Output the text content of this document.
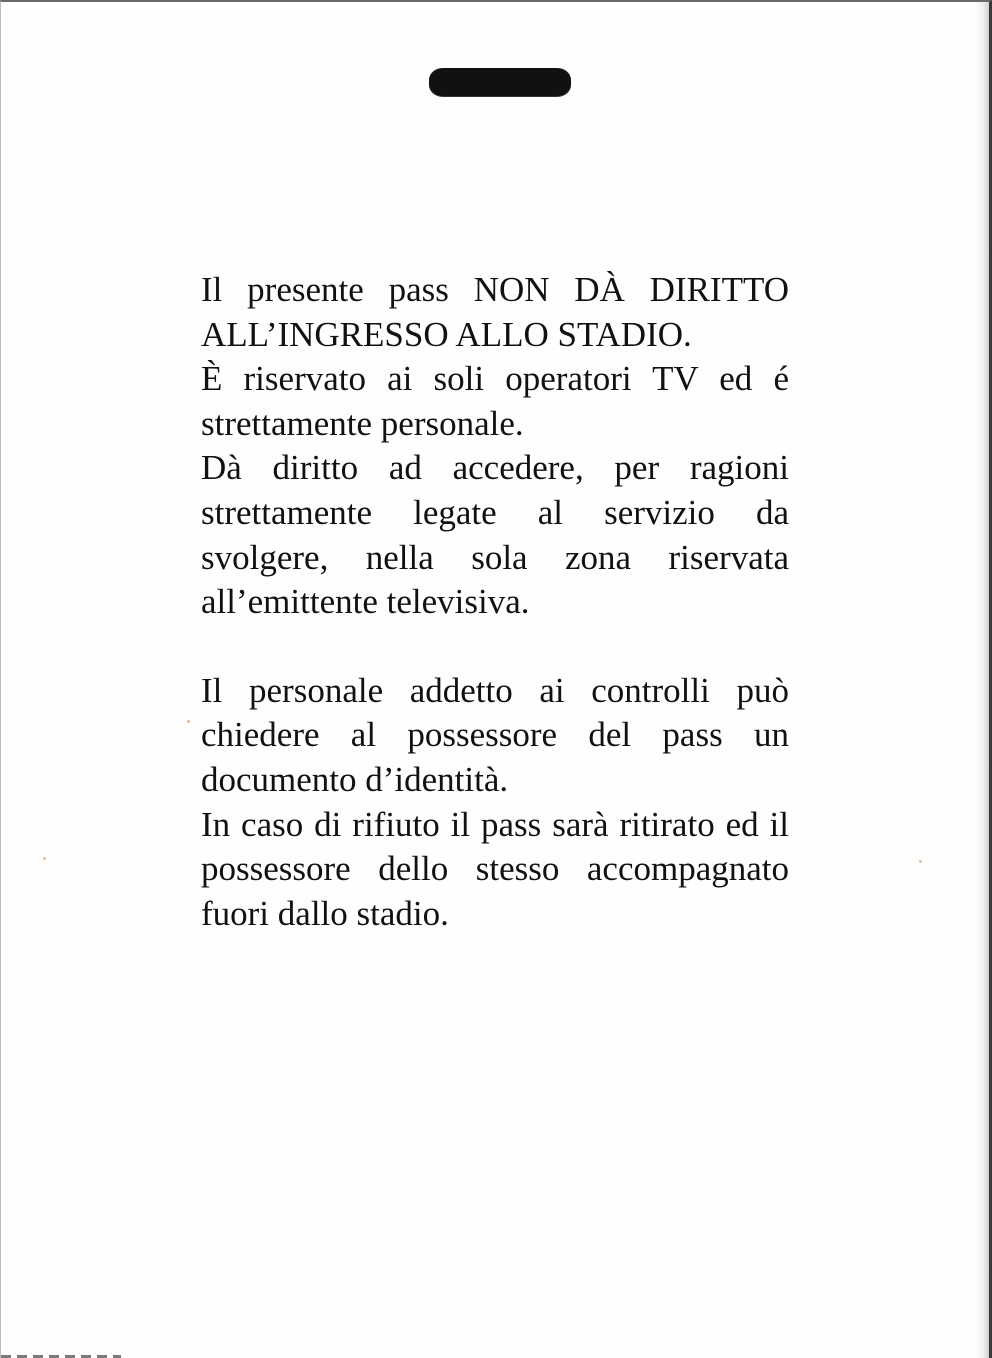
Il presente pass NON DÀ DIRITTO ALL’INGRESSO ALLO STADIO.

È riservato ai soli operatori TV ed é strettamente personale.

Dà diritto ad accedere, per ragioni strettamente legate al servizio da svolgere, nella sola zona riservata all’emittente televisiva.

Il personale addetto ai controlli può chiedere al possessore del pass un documento d’identità.

In caso di rifiuto il pass sarà ritirato ed il possessore dello stesso accompagnato fuori dallo stadio.
